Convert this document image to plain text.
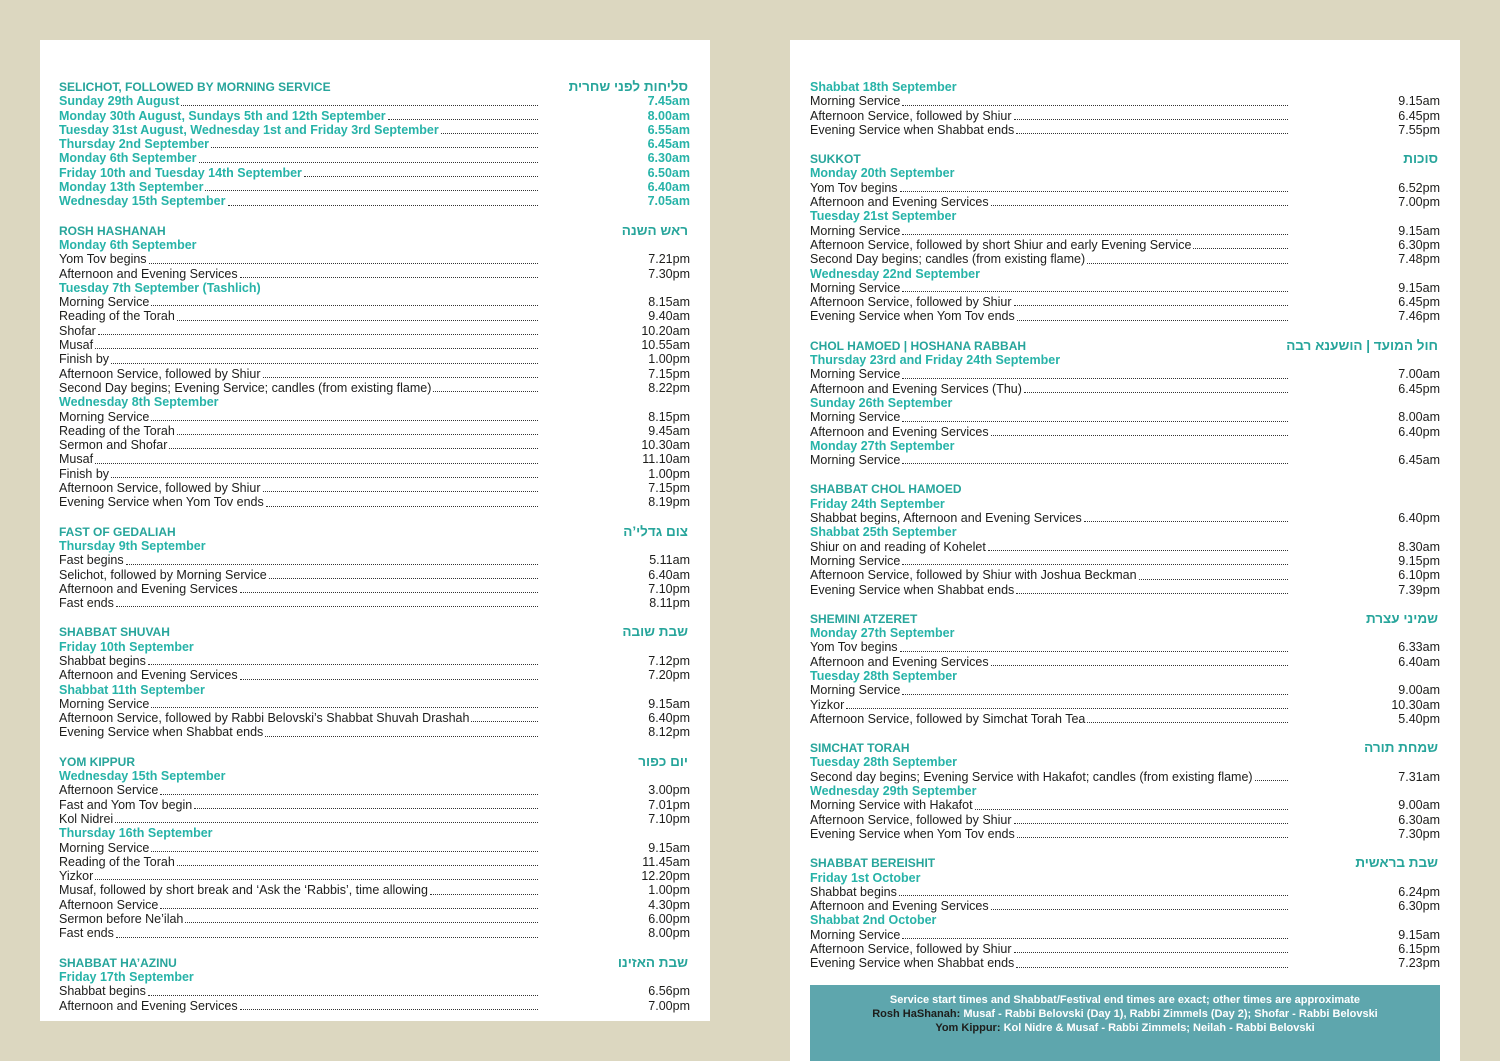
SELICHOT, FOLLOWED BY MORNING SERVICE	סליחות לפני שחרית
Sunday 29th August	7.45am
Monday 30th August, Sundays 5th and 12th September	8.00am
Tuesday 31st August, Wednesday 1st and Friday 3rd September	6.55am
Thursday 2nd September	6.45am
Monday 6th September	6.30am
Friday 10th and Tuesday 14th September	6.50am
Monday 13th September	6.40am
Wednesday 15th September	7.05am
ROSH HASHANAH	ראש השנה
Monday 6th September
Yom Tov begins	7.21pm
Afternoon and Evening Services	7.30pm
Tuesday 7th September (Tashlich)
Morning Service	8.15am
Reading of the Torah	9.40am
Shofar	10.20am
Musaf	10.55am
Finish by	1.00pm
Afternoon Service, followed by Shiur	7.15pm
Second Day begins; Evening Service; candles (from existing flame)	8.22pm
Wednesday 8th September
Morning Service	8.15pm
Reading of the Torah	9.45am
Sermon and Shofar	10.30am
Musaf	11.10am
Finish by	1.00pm
Afternoon Service, followed by Shiur	7.15pm
Evening Service when Yom Tov ends	8.19pm
FAST OF GEDALIAH	צום גדלי’ה
Thursday 9th September
Fast begins	5.11am
Selichot, followed by Morning Service	6.40am
Afternoon and Evening Services	7.10pm
Fast ends	8.11pm
SHABBAT SHUVAH	שבת שובה
Friday 10th September
Shabbat begins	7.12pm
Afternoon and Evening Services	7.20pm
Shabbat 11th September
Morning Service	9.15am
Afternoon Service, followed by Rabbi Belovski’s Shabbat Shuvah Drashah	6.40pm
Evening Service when Shabbat ends	8.12pm
YOM KIPPUR	יום כפור
Wednesday 15th September
Afternoon Service	3.00pm
Fast and Yom Tov begin	7.01pm
Kol Nidrei	7.10pm
Thursday 16th September
Morning Service	9.15am
Reading of the Torah	11.45am
Yizkor	12.20pm
Musaf, followed by short break and ‘Ask the ‘Rabbis’, time allowing	1.00pm
Afternoon Service	4.30pm
Sermon before Ne’ilah	6.00pm
Fast ends	8.00pm
SHABBAT HA’AZINU	שבת האזינו
Friday 17th September
Shabbat begins	6.56pm
Afternoon and Evening Services	7.00pm
Shabbat 18th September
Morning Service	9.15am
Afternoon Service, followed by Shiur	6.45pm
Evening Service when Shabbat ends	7.55pm
SUKKOT	סוכות
Monday 20th September
Yom Tov begins	6.52pm
Afternoon and Evening Services	7.00pm
Tuesday 21st September
Morning Service	9.15am
Afternoon Service, followed by short Shiur and early Evening Service	6.30pm
Second Day begins; candles (from existing flame)	7.48pm
Wednesday 22nd September
Morning Service	9.15am
Afternoon Service, followed by Shiur	6.45pm
Evening Service when Yom Tov ends	7.46pm
CHOL HAMOED | HOSHANA RABBAH	חול המועד | הושענא רבה
Thursday 23rd and Friday 24th September
Morning Service	7.00am
Afternoon and Evening Services (Thu)	6.45pm
Sunday 26th September
Morning Service	8.00am
Afternoon and Evening Services	6.40pm
Monday 27th September
Morning Service	6.45am
SHABBAT CHOL HAMOED
Friday 24th September
Shabbat begins, Afternoon and Evening Services	6.40pm
Shabbat 25th September
Shiur on and reading of Kohelet	8.30am
Morning Service	9.15pm
Afternoon Service, followed by Shiur with Joshua Beckman	6.10pm
Evening Service when Shabbat ends	7.39pm
SHEMINI ATZERET	שמיני עצרת
Monday 27th September
Yom Tov begins	6.33am
Afternoon and Evening Services	6.40am
Tuesday 28th September
Morning Service	9.00am
Yizkor	10.30am
Afternoon Service, followed by Simchat Torah Tea	5.40pm
SIMCHAT TORAH	שמחת תורה
Tuesday 28th September
Second day begins; Evening Service with Hakafot; candles (from existing flame)	7.31am
Wednesday 29th September
Morning Service with Hakafot	9.00am
Afternoon Service, followed by Shiur	6.30am
Evening Service when Yom Tov ends	7.30pm
SHABBAT BEREISHIT	שבת בראשית
Friday 1st October
Shabbat begins	6.24pm
Afternoon and Evening Services	6.30pm
Shabbat 2nd October
Morning Service	9.15am
Afternoon Service, followed by Shiur	6.15pm
Evening Service when Shabbat ends	7.23pm
Service start times and Shabbat/Festival end times are exact; other times are approximate
Rosh HaShanah: Musaf - Rabbi Belovski (Day 1), Rabbi Zimmels (Day 2); Shofar - Rabbi Belovski
Yom Kippur: Kol Nidre & Musaf - Rabbi Zimmels; Neilah - Rabbi Belovski
